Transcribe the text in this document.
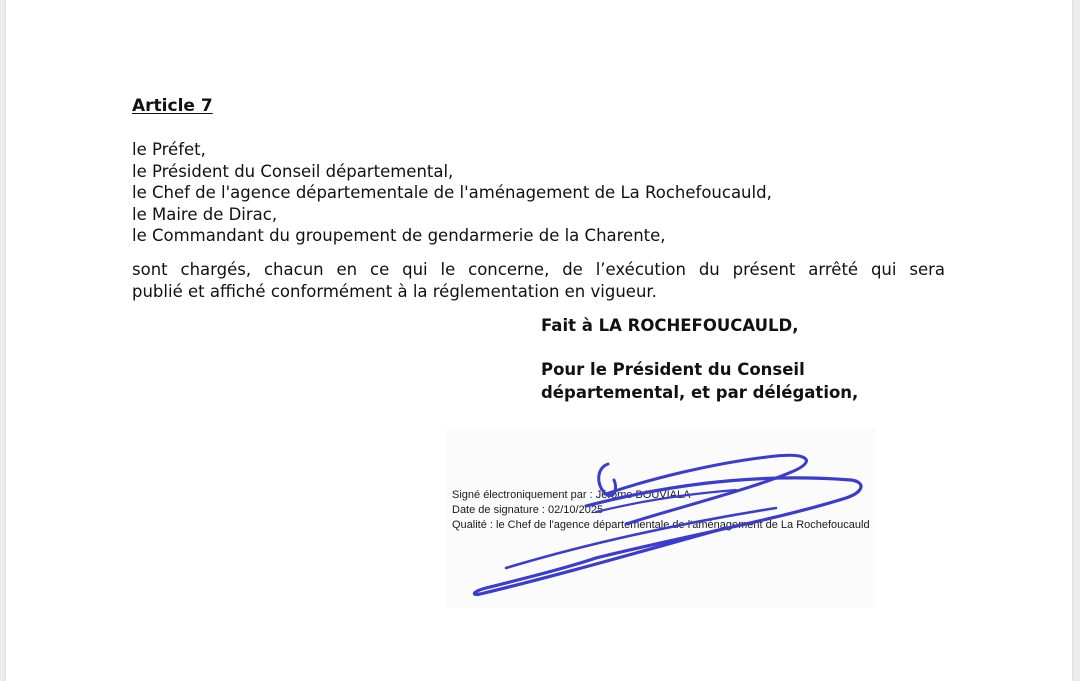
Article 7
le Préfet,
le Président du Conseil départemental,
le Chef de l'agence départementale de l'aménagement de La Rochefoucauld,
le Maire de Dirac,
le Commandant du groupement de gendarmerie de la Charente,
sont chargés, chacun en ce qui le concerne, de l’exécution du présent arrêté qui sera
publié et affiché conformément à la réglementation en vigueur.
Fait à LA ROCHEFOUCAULD,
Pour le Président du Conseil
départemental, et par délégation,
Signé électroniquement par : Jérôme BOUVIALA
Date de signature : 02/10/2025
Qualité : le Chef de l'agence départementale de l'aménagement de La Rochefoucauld
